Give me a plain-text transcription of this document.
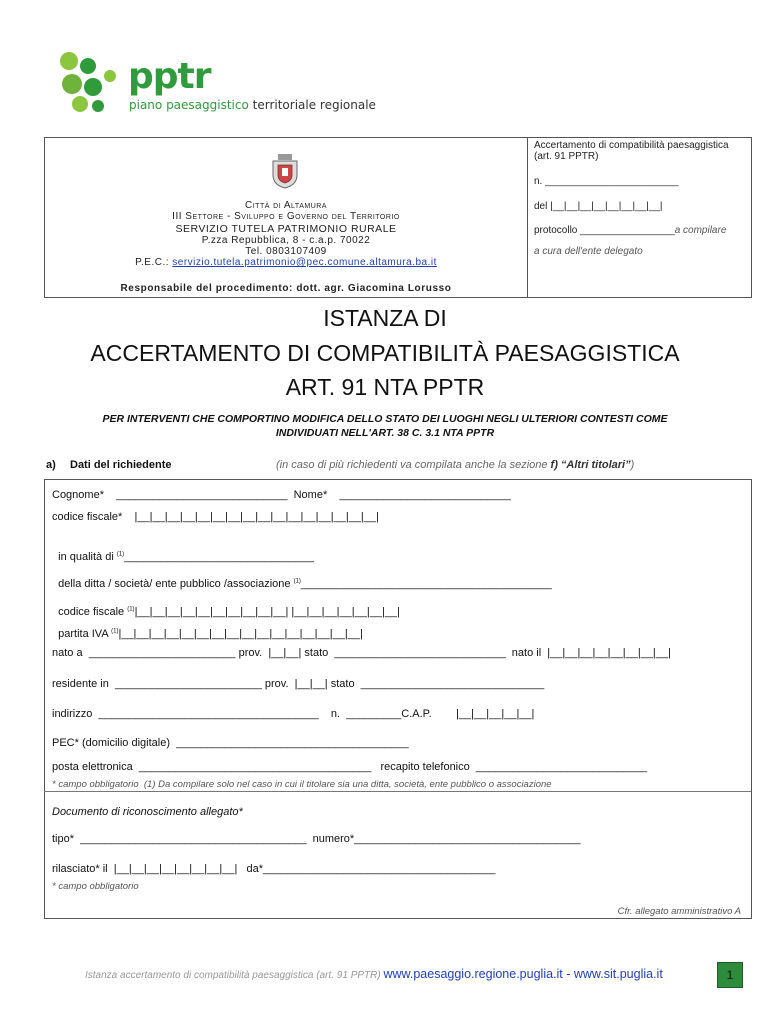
pptr
piano paesaggistico territoriale regionale
Città di Altamura
III Settore - Sviluppo e Governo del Territorio
SERVIZIO TUTELA PATRIMONIO RURALE
P.zza Repubblica, 8 - c.a.p. 70022
Tel. 0803107409
P.E.C.: servizio.tutela.patrimonio@pec.comune.altamura.ba.it
Responsabile del procedimento: dott. agr. Giacomina Lorusso
Accertamento di compatibilità paesaggistica
(art. 91 PPTR)
n. ________________________
del |__|__|__|__|__|__|__|__|
protocollo _________________a compilare
a cura dell'ente delegato
ISTANZA DI
ACCERTAMENTO DI COMPATIBILITÀ PAESAGGISTICA
ART. 91 NTA PPTR
PER INTERVENTI CHE COMPORTINO MODIFICA DELLO STATO DEI LUOGHI NEGLI ULTERIORI CONTESTI COME
INDIVIDUATI NELL'ART. 38 C. 3.1 NTA PPTR
a) Dati del richiedente	(in caso di più richiedenti va compilata anche la sezione f) “Altri titolari”)
Cognome*    ____________________________  Nome*    ____________________________
codice fiscale*    |__|__|__|__|__|__|__|__|__|__|__|__|__|__|__|__|

in qualità di $^{(1)}$_______________________________

della ditta / società/ ente pubblico /associazione $^{(1)}$_________________________________________

codice fiscale $^{(1)}$|__|__|__|__|__|__|__|__|__|__| |__|__|__|__|__|__|__|

partita IVA $^{(1)}$|__|__|__|__|__|__|__|__|__|__|__|__|__|__|__|__|

nato a  ________________________ prov.  |__|__| stato  ____________________________  nato il  |__|__|__|__|__|__|__|__|
residente in  ________________________ prov.  |__|__| stato  ______________________________
indirizzo  ____________________________________    n.  _________C.A.P.        |__|__|__|__|__|
PEC* (domicilio digitale)  ______________________________________
posta elettronica  ______________________________________   recapito telefonico  ____________________________
* campo obbligatorio  (1) Da compilare solo nel caso in cui il titolare sia una ditta, società, ente pubblico o associazione
Documento di riconoscimento allegato*
tipo*  _____________________________________  numero*_____________________________________
rilasciato* il  |__|__|__|__|__|__|__|__|   da*______________________________________
* campo obbligatorio
Cfr. allegato amministrativo A
Istanza accertamento di compatibilità paesaggistica (art. 91 PPTR) www.paesaggio.regione.puglia.it - www.sit.puglia.it	1
